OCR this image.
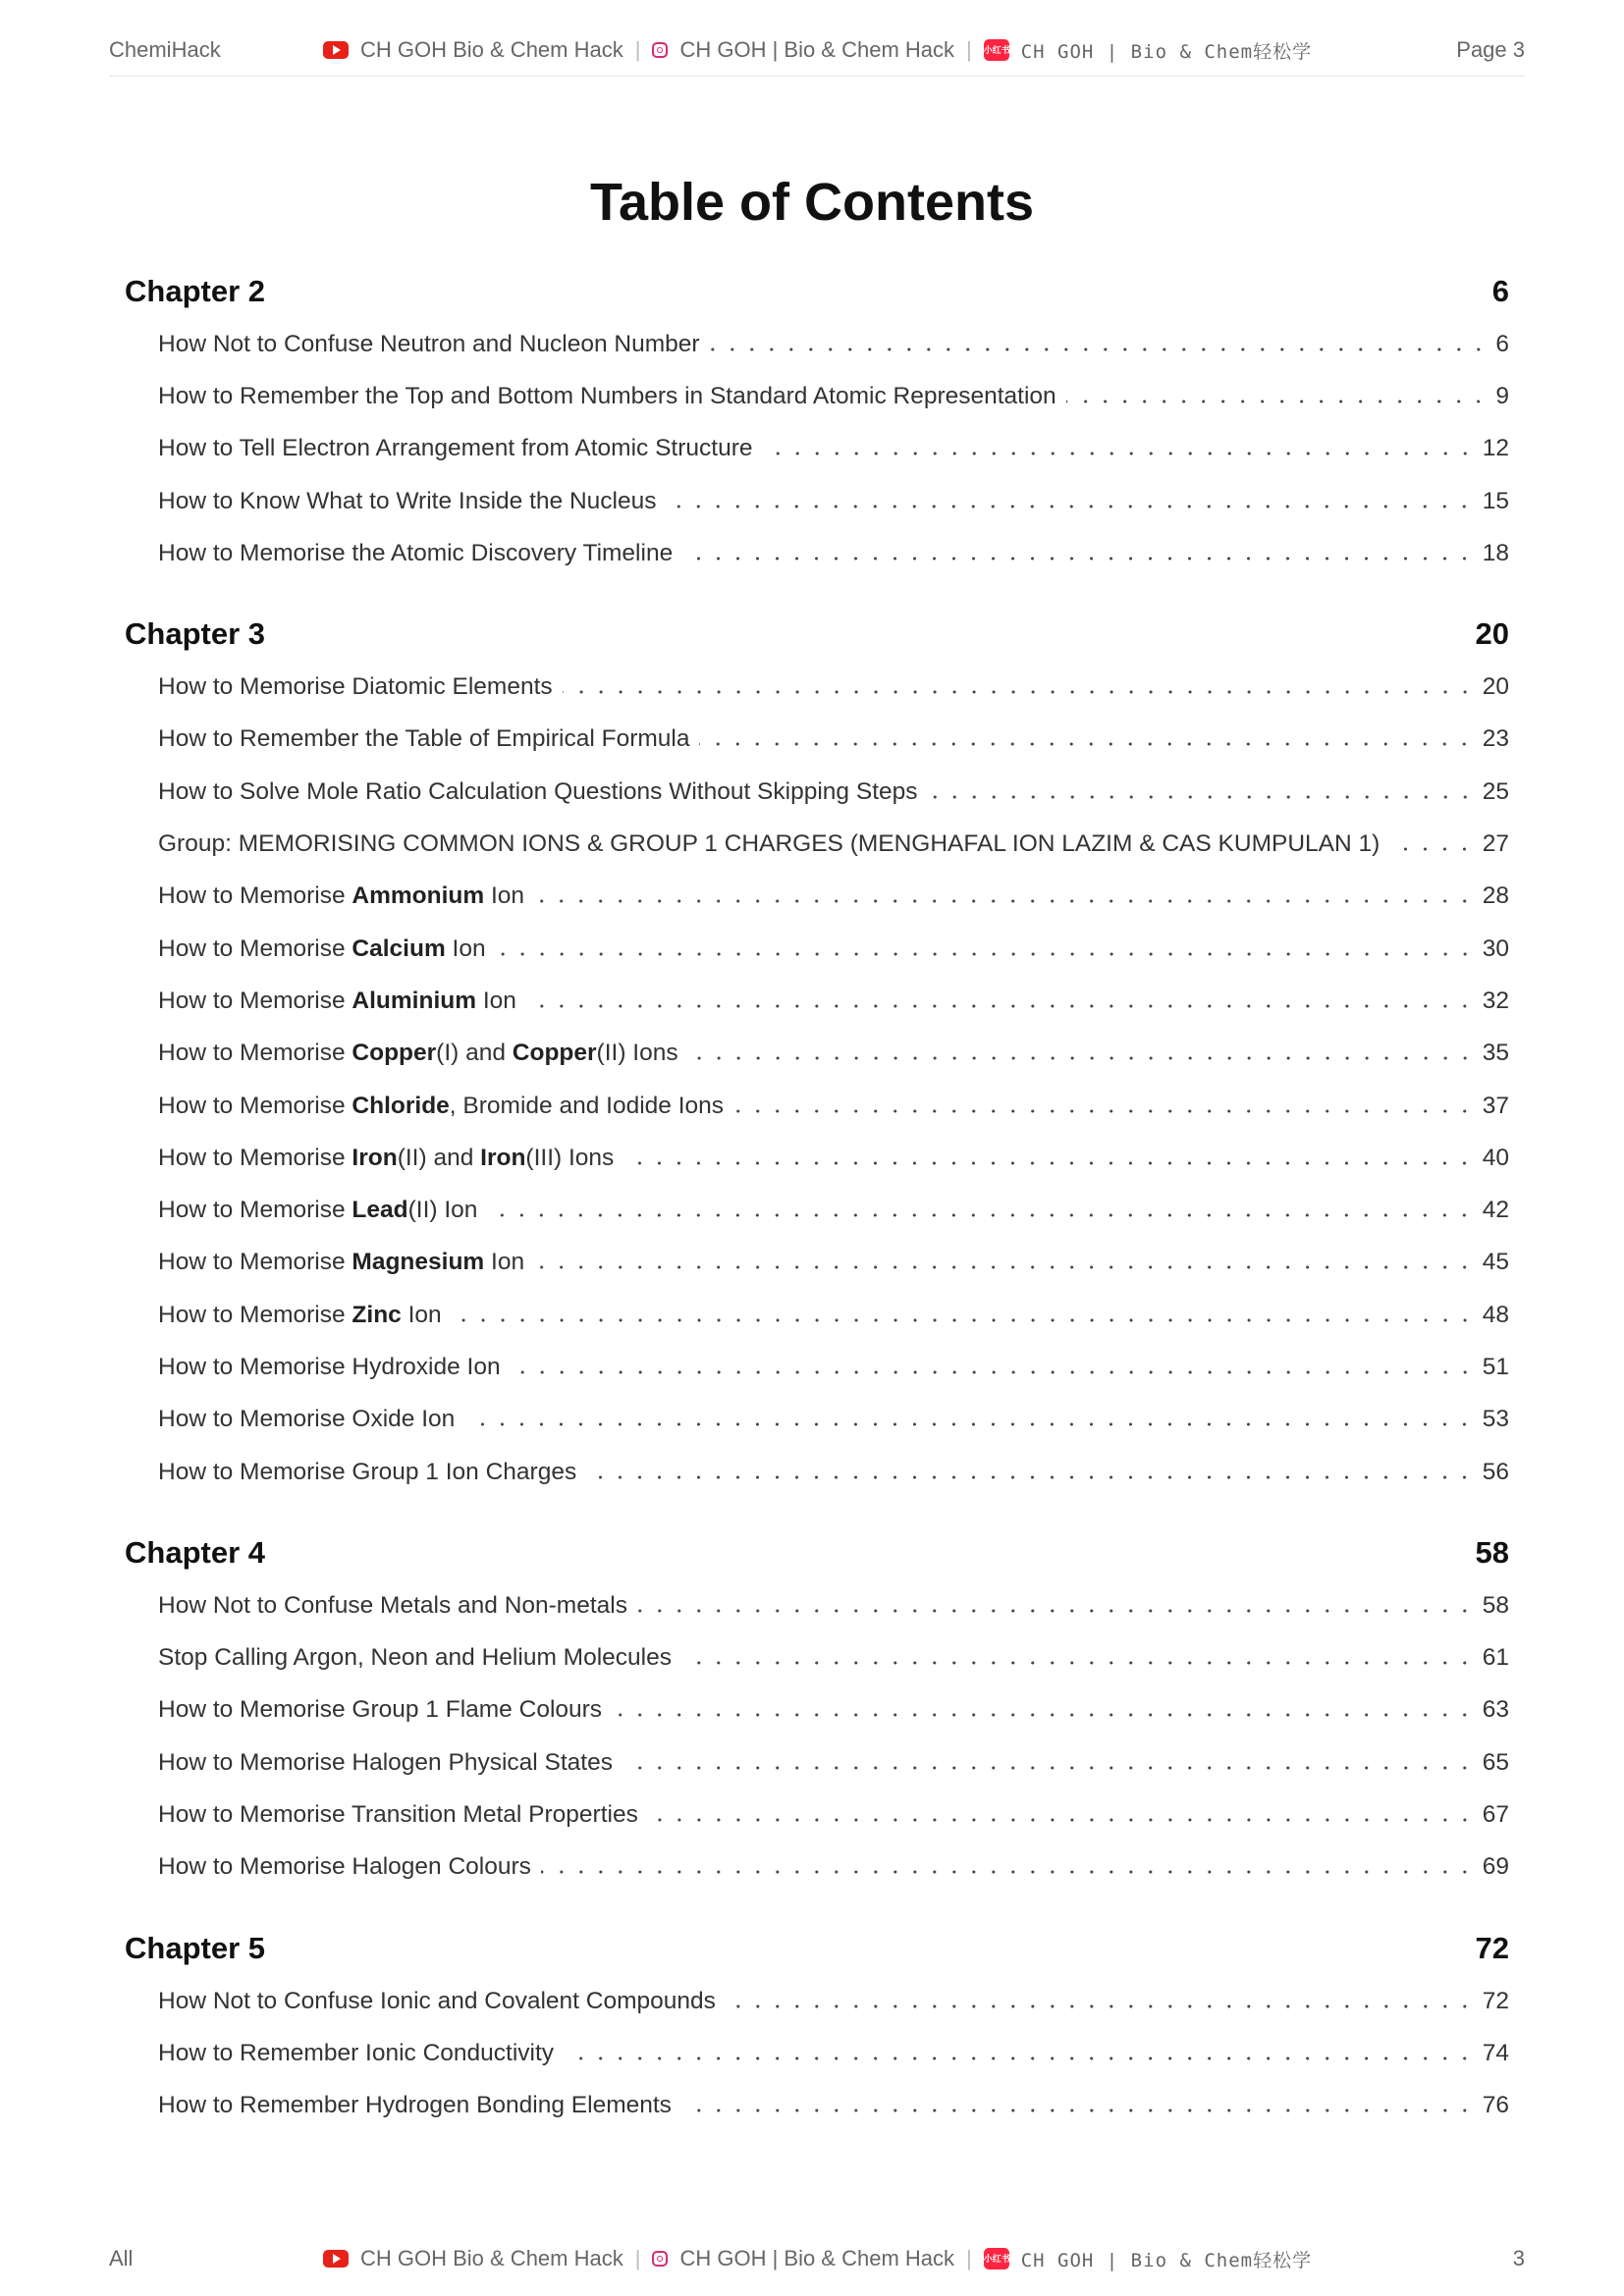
ChemiHack	CH GOH Bio & Chem Hack | CH GOH | Bio & Chem Hack | 小红书 CH GOH | Bio & Chem轻松学	Page 3
Table of Contents
Chapter 2	6
How Not to Confuse Neutron and Nucleon Number	6
How to Remember the Top and Bottom Numbers in Standard Atomic Representation	9
How to Tell Electron Arrangement from Atomic Structure	12
How to Know What to Write Inside the Nucleus	15
How to Memorise the Atomic Discovery Timeline	18
Chapter 3	20
How to Memorise Diatomic Elements	20
How to Remember the Table of Empirical Formula	23
How to Solve Mole Ratio Calculation Questions Without Skipping Steps	25
Group: MEMORISING COMMON IONS & GROUP 1 CHARGES (MENGHAFAL ION LAZIM & CAS KUMPULAN 1)	27
How to Memorise Ammonium Ion	28
How to Memorise Calcium Ion	30
How to Memorise Aluminium Ion	32
How to Memorise Copper(I) and Copper(II) Ions	35
How to Memorise Chloride, Bromide and Iodide Ions	37
How to Memorise Iron(II) and Iron(III) Ions	40
How to Memorise Lead(II) Ion	42
How to Memorise Magnesium Ion	45
How to Memorise Zinc Ion	48
How to Memorise Hydroxide Ion	51
How to Memorise Oxide Ion	53
How to Memorise Group 1 Ion Charges	56
Chapter 4	58
How Not to Confuse Metals and Non-metals	58
Stop Calling Argon, Neon and Helium Molecules	61
How to Memorise Group 1 Flame Colours	63
How to Memorise Halogen Physical States	65
How to Memorise Transition Metal Properties	67
How to Memorise Halogen Colours	69
Chapter 5	72
How Not to Confuse Ionic and Covalent Compounds	72
How to Remember Ionic Conductivity	74
How to Remember Hydrogen Bonding Elements	76
All	CH GOH Bio & Chem Hack | CH GOH | Bio & Chem Hack | 小红书 CH GOH | Bio & Chem轻松学	3
